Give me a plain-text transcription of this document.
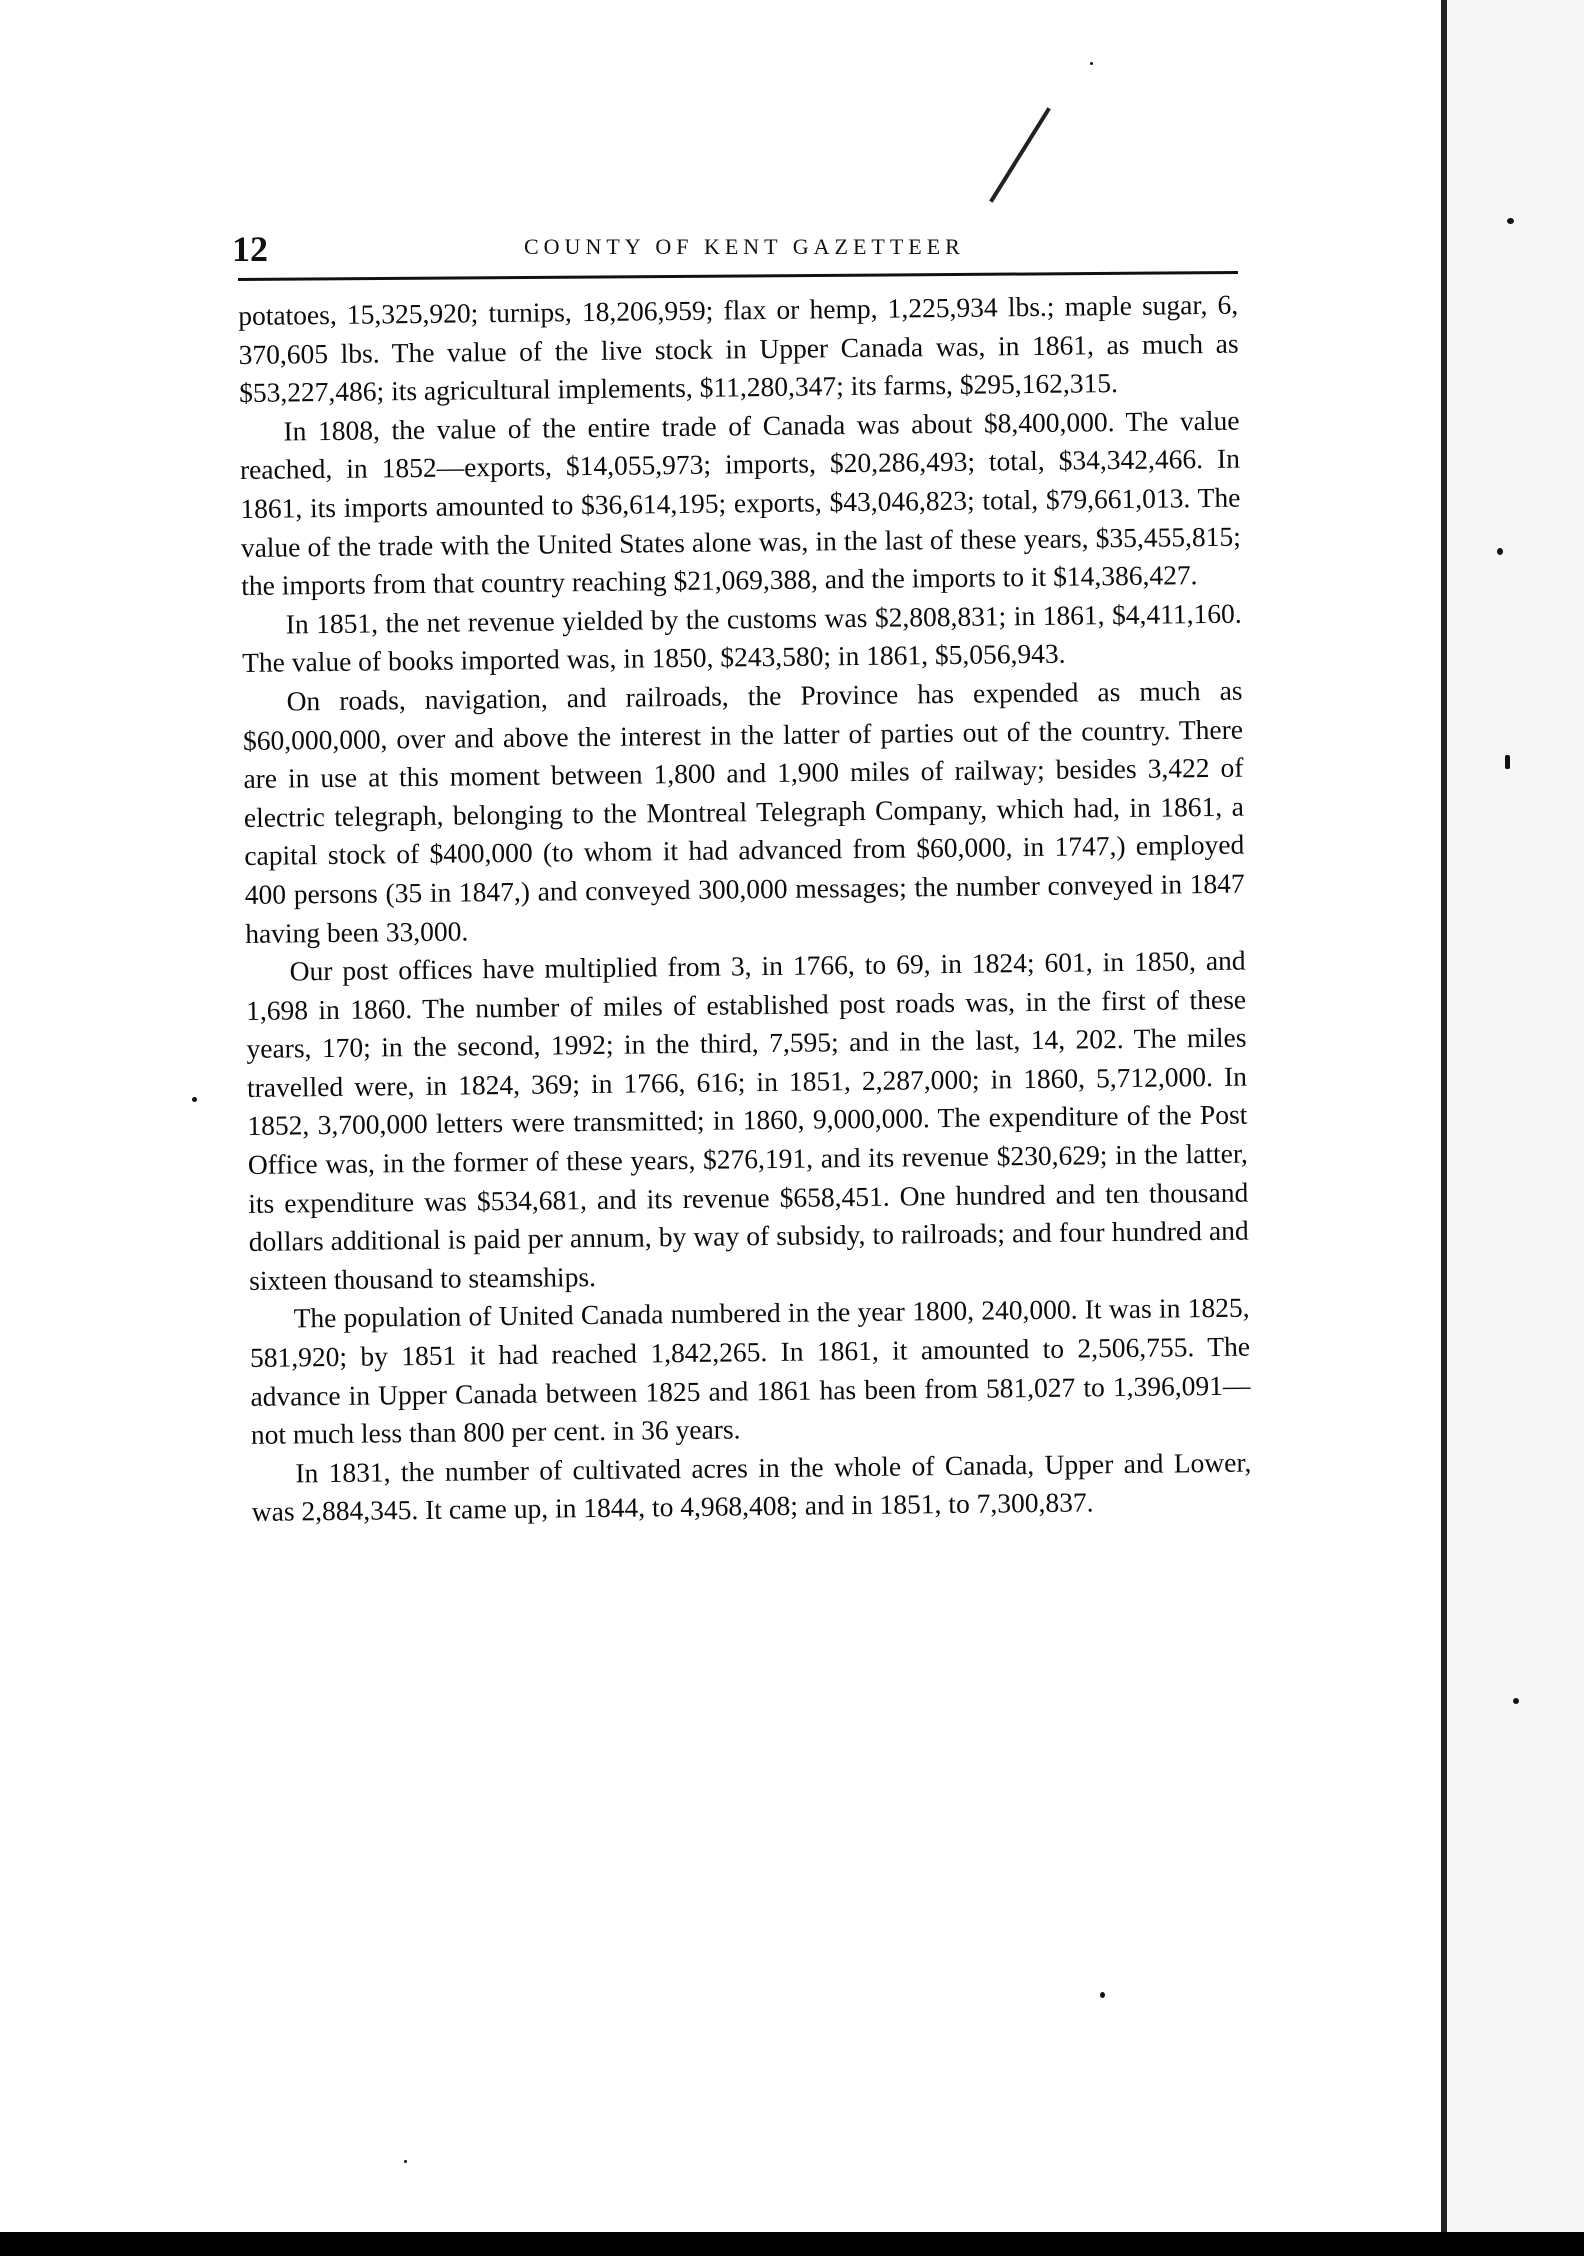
12	COUNTY OF KENT GAZETTEER

potatoes, 15,325,920; turnips, 18,206,959; flax or hemp, 1,225,934 lbs.; maple sugar, 6, 370,605 lbs. The value of the live stock in Upper Canada was, in 1861, as much as $53,227,486; its agricultural implements, $11,280,347; its farms, $295,162,315.

In 1808, the value of the entire trade of Canada was about $8,400,000. The value reached, in 1852—exports, $14,055,973; imports, $20,286,493; total, $34,342,466. In 1861, its imports amounted to $36,614,195; exports, $43,046,823; total, $79,661,013. The value of the trade with the United States alone was, in the last of these years, $35,455,815; the imports from that country reaching $21,069,388, and the imports to it $14,386,427.

In 1851, the net revenue yielded by the customs was $2,808,831; in 1861, $4,411,160. The value of books imported was, in 1850, $243,580; in 1861, $5,056,943.

On roads, navigation, and railroads, the Province has expended as much as $60,000,000, over and above the interest in the latter of parties out of the country. There are in use at this moment between 1,800 and 1,900 miles of railway; besides 3,422 of electric telegraph, belonging to the Montreal Telegraph Company, which had, in 1861, a capital stock of $400,000 (to whom it had advanced from $60,000, in 1747,) employed 400 persons (35 in 1847,) and conveyed 300,000 messages; the number conveyed in 1847 having been 33,000.

Our post offices have multiplied from 3, in 1766, to 69, in 1824; 601, in 1850, and 1,698 in 1860. The number of miles of established post roads was, in the first of these years, 170; in the second, 1992; in the third, 7,595; and in the last, 14, 202. The miles travelled were, in 1824, 369; in 1766, 616; in 1851, 2,287,000; in 1860, 5,712,000. In 1852, 3,700,000 letters were transmitted; in 1860, 9,000,000. The expenditure of the Post Office was, in the former of these years, $276,191, and its revenue $230,629; in the latter, its expenditure was $534,681, and its revenue $658,451. One hundred and ten thousand dollars additional is paid per annum, by way of subsidy, to railroads; and four hundred and sixteen thousand to steamships.

The population of United Canada numbered in the year 1800, 240,000. It was in 1825, 581,920; by 1851 it had reached 1,842,265. In 1861, it amounted to 2,506,755. The advance in Upper Canada between 1825 and 1861 has been from 581,027 to 1,396,091—not much less than 800 per cent. in 36 years.

In 1831, the number of cultivated acres in the whole of Canada, Upper and Lower, was 2,884,345. It came up, in 1844, to 4,968,408; and in 1851, to 7,300,837.
